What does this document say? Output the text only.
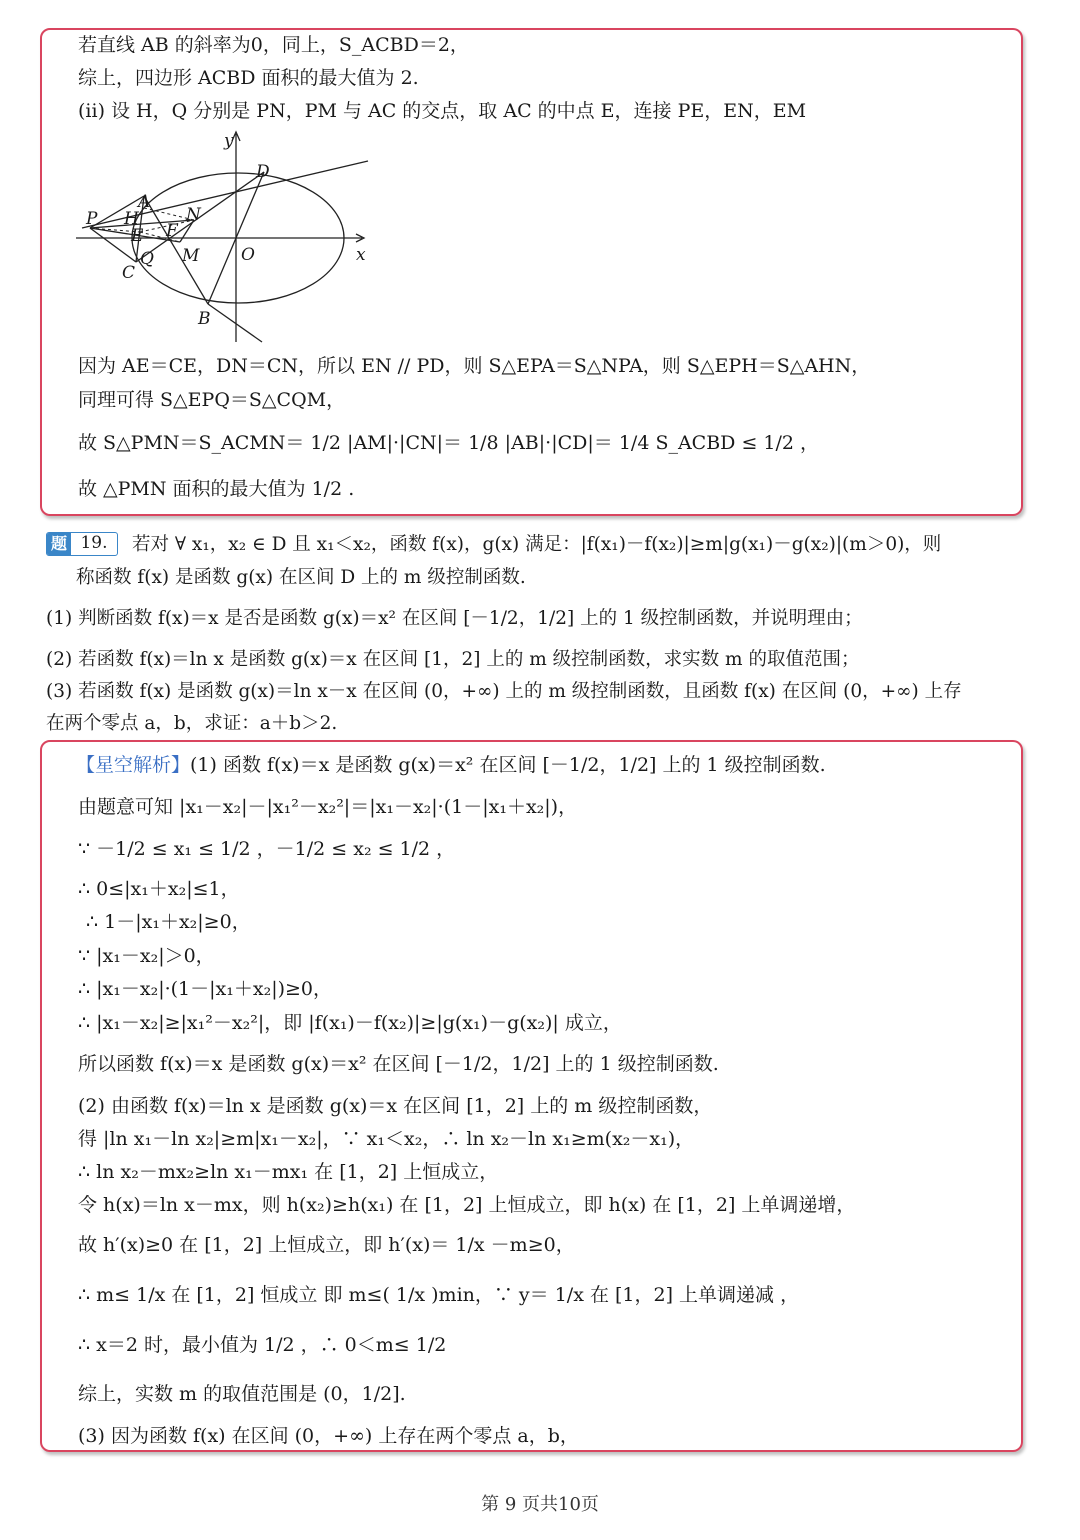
若直线 AB 的斜率为0，同上，S_ACBD＝2，
综上，四边形 ACBD 面积的最大值为 2.
(ii) 设 H，Q 分别是 PN，PM 与 AC 的交点，取 AC 的中点 E，连接 PE，EN，EM
y
x
O
D
A
H	N
P
E F
Q M
C
B
因为 AE＝CE，DN＝CN，所以 EN // PD，则 S△EPA＝S△NPA，则 S△EPH＝S△AHN，
同理可得 S△EPQ＝S△CQM，
故 S△PMN＝S_ACMN＝ 1/2 |AM|·|CN|＝ 1/8 |AB|·|CD|＝ 1/4 S_ACBD ≤ 1/2 ，
故 △PMN 面积的最大值为 1/2 .
题 19.	若对 ∀ x₁，x₂ ∈ D 且 x₁＜x₂，函数 f(x)，g(x) 满足：|f(x₁)－f(x₂)|≥m|g(x₁)－g(x₂)|(m＞0)，则
称函数 f(x) 是函数 g(x) 在区间 D 上的 m 级控制函数.
(1) 判断函数 f(x)＝x 是否是函数 g(x)＝x² 在区间 [－1/2，1/2] 上的 1 级控制函数，并说明理由；
(2) 若函数 f(x)＝ln x 是函数 g(x)＝x 在区间 [1，2] 上的 m 级控制函数，求实数 m 的取值范围；
(3) 若函数 f(x) 是函数 g(x)＝ln x－x 在区间 (0，+∞) 上的 m 级控制函数，且函数 f(x) 在区间 (0，+∞) 上存
在两个零点 a，b，求证：a＋b＞2.
【星空解析】(1) 函数 f(x)＝x 是函数 g(x)＝x² 在区间 [－1/2，1/2] 上的 1 级控制函数.
由题意可知 |x₁－x₂|－|x₁²－x₂²|＝|x₁－x₂|·(1－|x₁＋x₂|)，
∵ －1/2 ≤ x₁ ≤ 1/2 ，－1/2 ≤ x₂ ≤ 1/2 ，
∴ 0≤|x₁＋x₂|≤1，
∴ 1－|x₁＋x₂|≥0，
∵ |x₁－x₂|＞0，
∴ |x₁－x₂|·(1－|x₁＋x₂|)≥0，
∴ |x₁－x₂|≥|x₁²－x₂²|，即 |f(x₁)－f(x₂)|≥|g(x₁)－g(x₂)| 成立，
所以函数 f(x)＝x 是函数 g(x)＝x² 在区间 [－1/2，1/2] 上的 1 级控制函数.
(2) 由函数 f(x)＝ln x 是函数 g(x)＝x 在区间 [1，2] 上的 m 级控制函数，
得 |ln x₁－ln x₂|≥m|x₁－x₂|，∵ x₁＜x₂，∴ ln x₂－ln x₁≥m(x₂－x₁)，
∴ ln x₂－mx₂≥ln x₁－mx₁ 在 [1，2] 上恒成立，
令 h(x)＝ln x－mx，则 h(x₂)≥h(x₁) 在 [1，2] 上恒成立，即 h(x) 在 [1，2] 上单调递增，
故 h′(x)≥0 在 [1，2] 上恒成立，即 h′(x)＝ 1/x －m≥0，
∴ m≤ 1/x 在 [1，2] 恒成立 即 m≤( 1/x )min，∵ y＝ 1/x 在 [1，2] 上单调递减 ，
∴ x＝2 时，最小值为 1/2 ，∴ 0＜m≤ 1/2
综上，实数 m 的取值范围是 (0，1/2].
(3) 因为函数 f(x) 在区间 (0，+∞) 上存在两个零点 a，b，
第 9 页共10页
